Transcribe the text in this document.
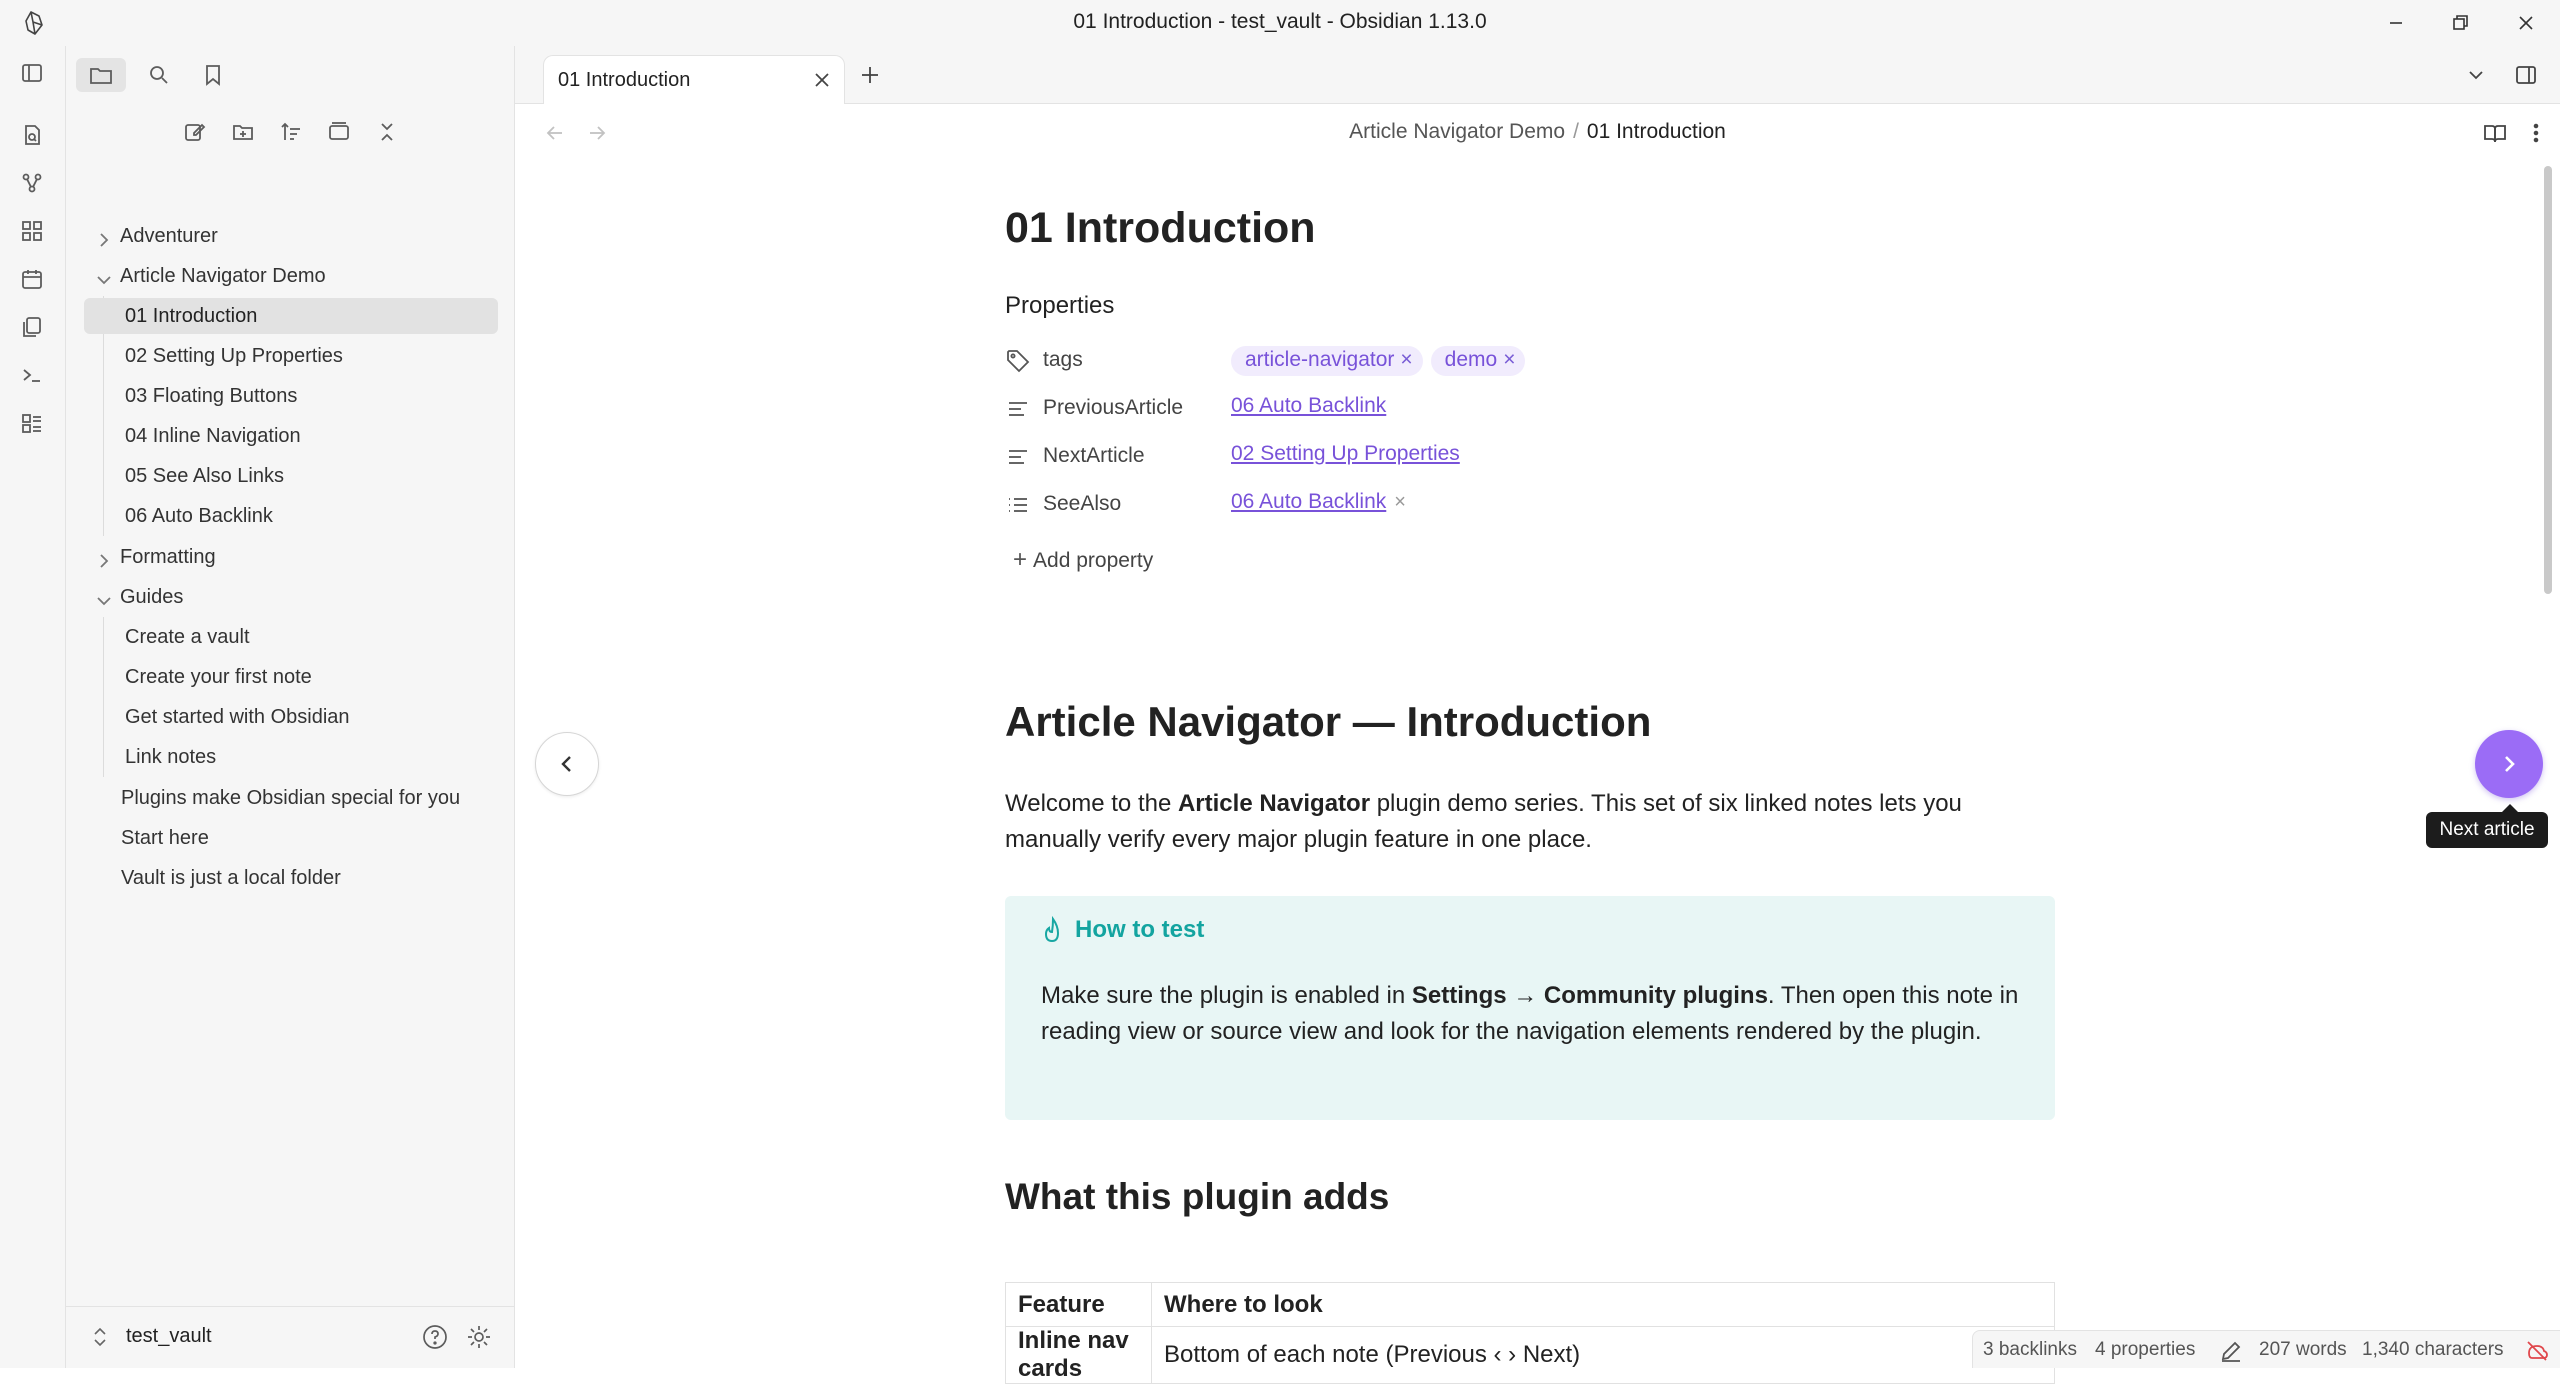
01 Introduction - test_vault - Obsidian 1.13.0
Adventurer
Article Navigator Demo
01 Introduction
02 Setting Up Properties
03 Floating Buttons
04 Inline Navigation
05 See Also Links
06 Auto Backlink
Formatting
Guides
Create a vault
Create your first note
Get started with Obsidian
Link notes
Plugins make Obsidian special for you
Start here
Vault is just a local folder
test_vault
01 Introduction
Article Navigator Demo / 01 Introduction
01 Introduction
Properties
tags	article-navigator × demo ×
PreviousArticle 06 Auto Backlink
NextArticle	02 Setting Up Properties
SeeAlso	06 Auto Backlink ×
+ Add property
Article Navigator — Introduction
Welcome to the Article Navigator plugin demo series. This set of six linked notes lets you manually verify every major plugin feature in one place.
How to test
Make sure the plugin is enabled in Settings → Community plugins. Then open this note in reading view or source view and look for the navigation elements rendered by the plugin.
What this plugin adds
Feature	Where to look
Inline nav cards	Bottom of each note (Previous ‹ › Next)
Next article
3 backlinks 4 properties	207 words 1,340 characters
